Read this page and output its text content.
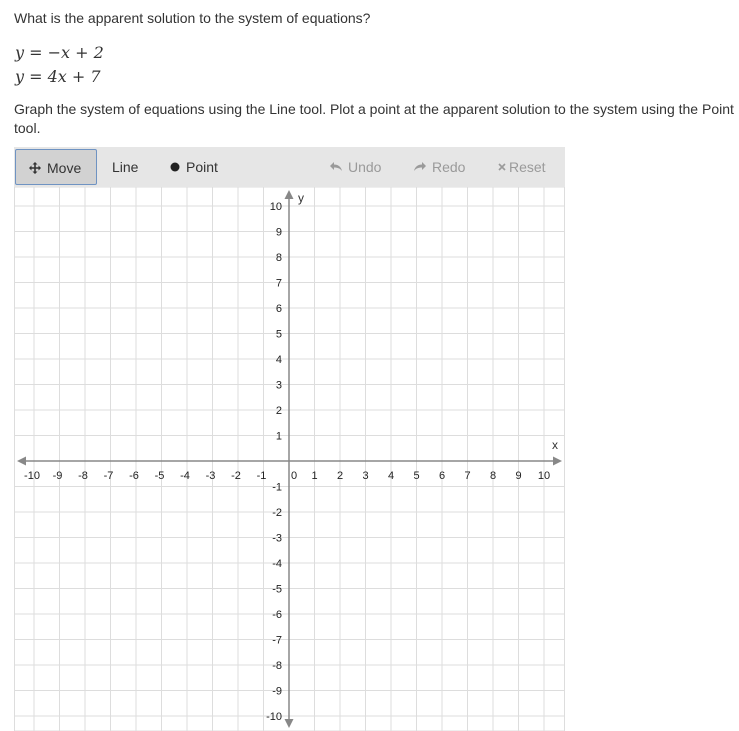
What is the apparent solution to the system of equations?
y = −x + 2
y = 4x + 7
Graph the system of equations using the Line tool. Plot a point at the apparent solution to the system using the Point tool.
Move	Line	Point	Undo	Redo	Reset
x
y
-10 -9 -8 -7 -6 -5 -4 -3 -2 -1 0 1 2 3 4 5 6 7 8 9 10
10
9
8
7
6
5
4
3
2
1
-1
-2
-3
-4
-5
-6
-7
-8
-9
-10
